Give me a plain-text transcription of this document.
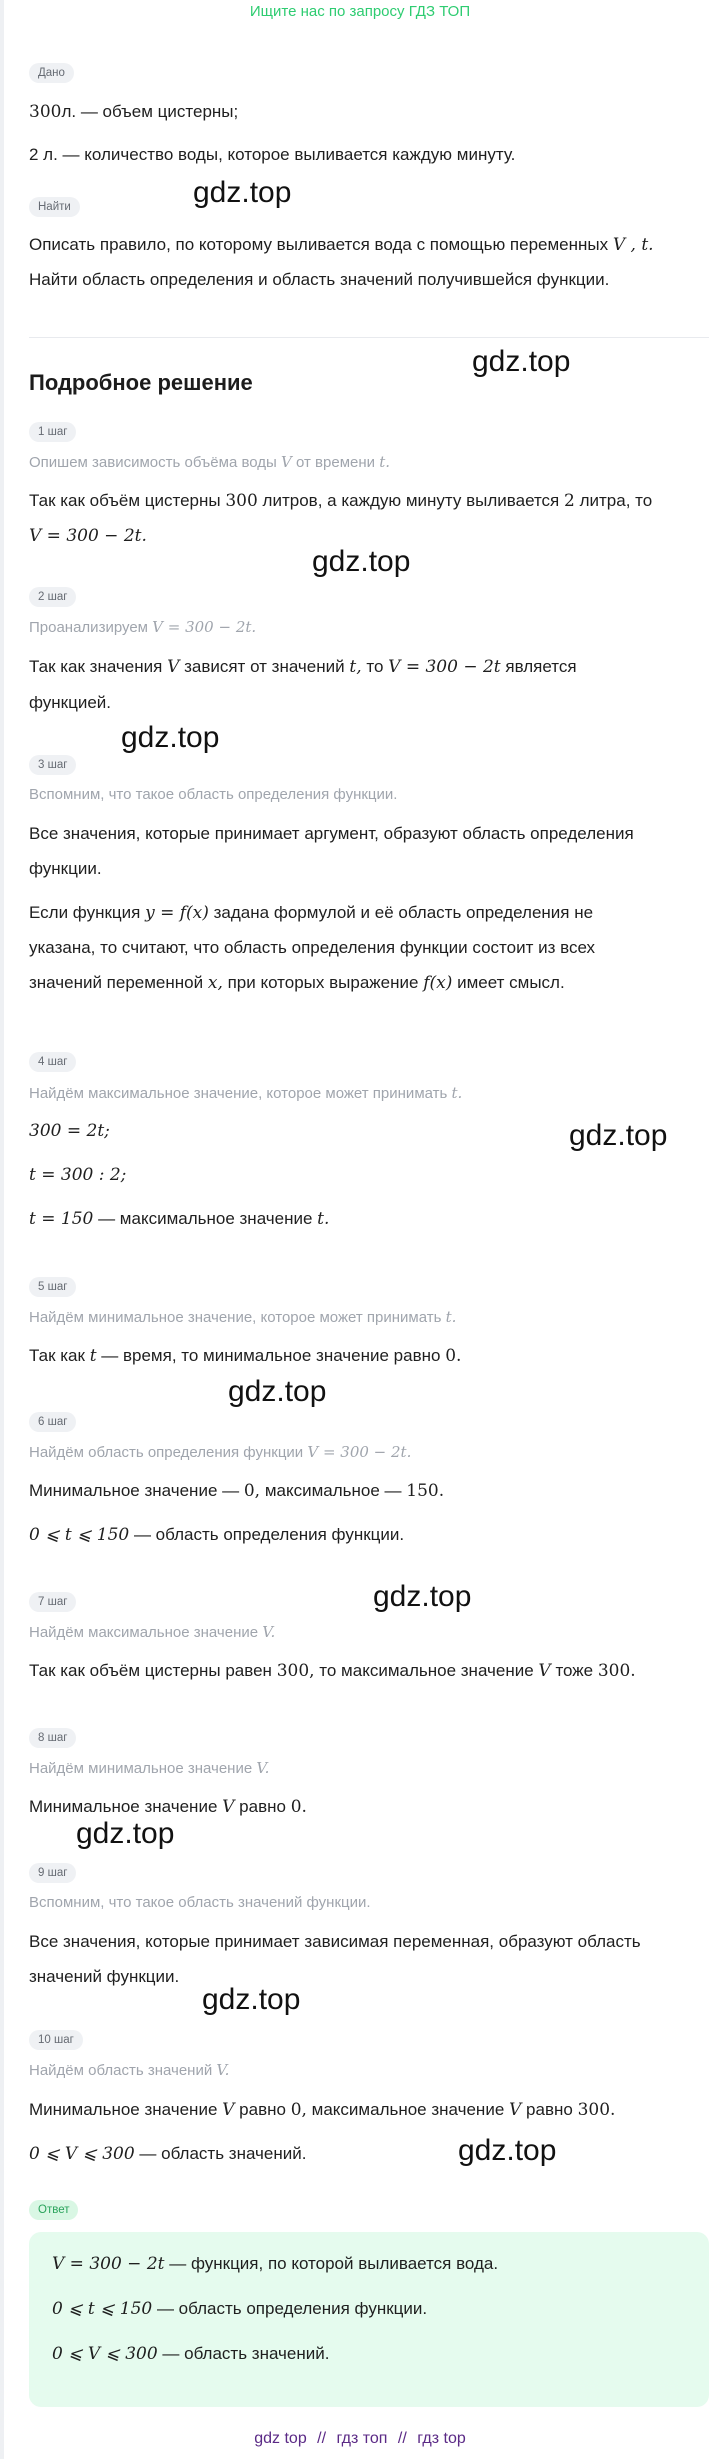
Ищите нас по запросу ГДЗ ТОП
Дано
300л. — объем цистерны;
2 л. — количество воды, которое выливается каждую минуту.
Найти
Описать правило, по которому выливается вода с помощью переменных V , t.
Найти область определения и область значений получившейся функции.
Подробное решение
1 шаг
Опишем зависимость объёма воды V от времени t.
Так как объём цистерны 300 литров, а каждую минуту выливается 2 литра, то
V = 300 − 2t.
2 шаг
Проанализируем V = 300 − 2t.
Так как значения V зависят от значений t, то V = 300 − 2t является
функцией.
3 шаг
Вспомним, что такое область определения функции.
Все значения, которые принимает аргумент, образуют область определения
функции.
Если функция y = f(x) задана формулой и её область определения не
указана, то считают, что область определения функции состоит из всех
значений переменной x, при которых выражение f(x) имеет смысл.
4 шаг
Найдём максимальное значение, которое может принимать t.
300 = 2t;
t = 300 : 2;
t = 150 — максимальное значение t.
5 шаг
Найдём минимальное значение, которое может принимать t.
Так как t — время, то минимальное значение равно 0.
6 шаг
Найдём область определения функции V = 300 − 2t.
Минимальное значение — 0, максимальное — 150.
0 ⩽ t ⩽ 150 — область определения функции.
7 шаг
Найдём максимальное значение V.
Так как объём цистерны равен 300, то максимальное значение V тоже 300.
8 шаг
Найдём минимальное значение V.
Минимальное значение V равно 0.
9 шаг
Вспомним, что такое область значений функции.
Все значения, которые принимает зависимая переменная, образуют область
значений функции.
10 шаг
Найдём область значений V.
Минимальное значение V равно 0, максимальное значение V равно 300.
0 ⩽ V ⩽ 300 — область значений.
Ответ
V = 300 − 2t — функция, по которой выливается вода.
0 ⩽ t ⩽ 150 — область определения функции.
0 ⩽ V ⩽ 300 — область значений.
gdz.top
gdz.top
gdz.top
gdz.top
gdz.top
gdz.top
gdz.top
gdz.top
gdz.top
gdz.top
gdz top // гдз топ // гдз top
